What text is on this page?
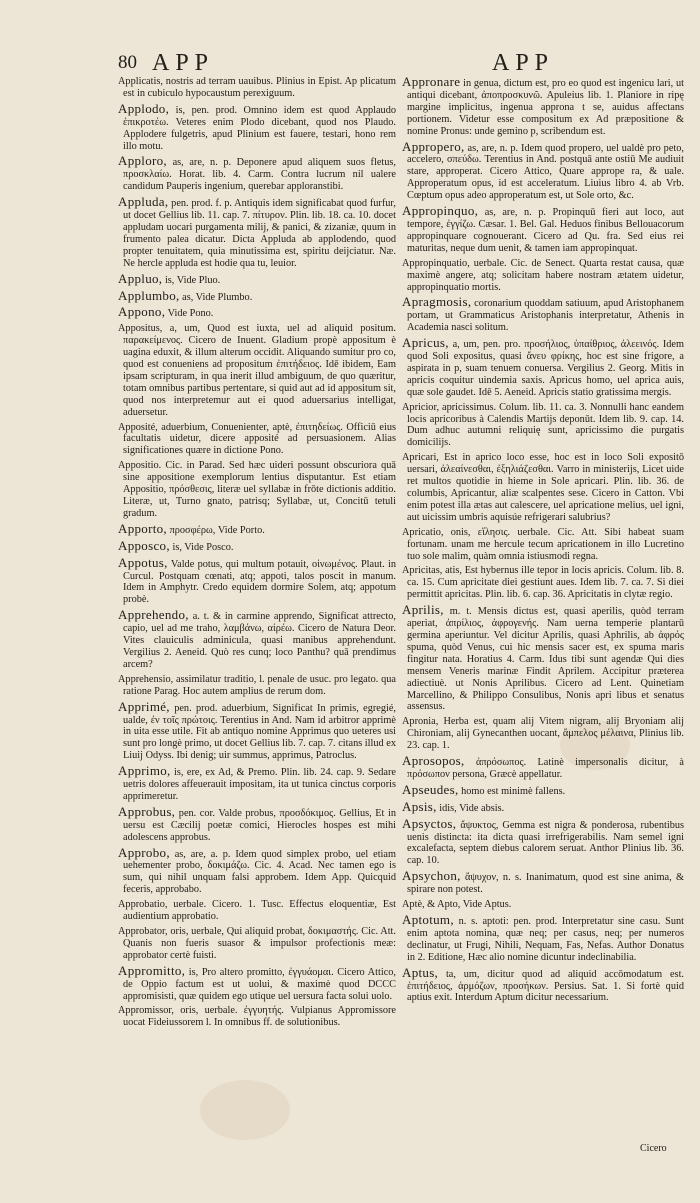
80 APP	APP
Applicatis, nostris ad terram uauibus. Plinius in Epist. Ap plicatum est in cubiculo hypocaustum perexiguum.
Applodo, is, pen. prod. Omnino idem est quod Applaudo ἐπικροτέω. Veteres enim Plodo dicebant, quod nos Plaudo. Applodere fulgetris, apud Plinium est fauere, testari, hono rem illo motu.
Apploro, as, are, n. p. Deponere apud aliquem suos fletus, προσκλαίω. Horat. lib. 4. Carm. Contra lucrum nil ualere candidum Pauperis ingenium, querebar apploranstibi.
Appluda, pen. prod. f. p. Antiquis idem significabat quod furfur, ut docet Gellius lib. 11. cap. 7. πίτυρον. Plin. lib. 18. ca. 10. docet appludam uocari purgamenta milij, & panici, & zizaniæ, quum in frumento palea dicatur. Dicta Appluda ab applodendo, quod propter tenuitatem, quia minutissima est, spiritu deijciatur. Næ. Ne hercle appluda est hodie qua tu, leuior.
Appluo, is, Vide Pluo.
Applumbo, as, Vide Plumbo.
Appono, Vide Pono.
Appositus, a, um, Quod est iuxta, uel ad aliquid positum. παρακείμενος. Cicero de Inuent. Gladium propè appositum è uagina eduxit, & illum alterum occidit. Aliquando sumitur pro co, quod est conueniens ad propositum ἐπιτήδειος. Idē ibidem, Eam ipsam scripturam, in qua inerit illud ambiguum, de quo quæritur, totam omnibus partibus pertentare, si quid aut ad id appositum sit, quod nos interpretemur aut ei quod aduersarius intelligat, aduersetur.
Apposité, aduerbium, Conuenienter, aptè, ἐπιτηδείως. Officiū eius facultatis uidetur, dicere apposité ad persuasionem. Alias significationes quære in dictione Pono.
Appositio. Cic. in Parad. Sed hæc uideri possunt obscuriora quā sine appositione exemplorum lentius disputantur. Est etiam Appositio, πρόσθεσις, literæ uel syllabæ in frōte dictionis additio. Literæ, ut, Turno gnato, patrisq; Syllabæ, ut, Concitū tetuli gradum.
Apporto, προσφέρω, Vide Porto.
Apposco, is, Vide Posco.
Appotus, Valde potus, qui multum potauit, οἰνωμένος. Plaut. in Curcul. Postquam cœnati, atq; appoti, talos poscit in manum. Idem in Amphytr. Credo equidem dormire Solem, atq; appotum probè.
Apprehendo, a. t. & in carmine apprendo, Significat attrecto, capio, uel ad me traho, λαμβάνω, αἱρέω. Cicero de Natura Deor. Vites clauiculis adminicula, quasi manibus apprehendunt. Vergilius 2. Aeneid. Quò res cunq; loco Panthu? quā prendimus arcem?
Apprehensio, assimilatur traditio, l. penale de usuc. pro legato. qua ratione Parag. Hoc autem amplius de rerum dom.
Apprimé, pen. prod. aduerbium, Significat In primis, egregié, ualde, ἐν τοῖς πρώτοις. Terentius in And. Nam id arbitror apprimè in uita esse utile. Fit ab antiquo nomine Apprimus quo ueteres usi sunt pro longè primo, ut docet Gellius lib. 7. cap. 7. citans illud ex Liuij Odyss. Ibi denig; uir summus, apprimus, Patroclus.
Apprimo, is, ere, ex Ad, & Premo. Plin. lib. 24. cap. 9. Sedare uetris dolores affeuerauit impositam, ita ut tunica cinctus corporis apprimeretur.
Approbus, pen. cor. Valde probus, προσδόκιμος. Gellius, Et in uersu est Cæcilij poetæ comici, Hierocles hospes est mihi adolescens approbus.
Approbo, as, are, a. p. Idem quod simplex probo, uel etiam uehementer probo, δοκιμάζω. Cic. 4. Acad. Nec tamen ego is sum, qui nihil unquam falsi approbem. Idem App. Quicquid feceris, approbabo.
Approbatio, uerbale. Cicero. 1. Tusc. Effectus eloquentiæ, Est audientium approbatio.
Approbator, oris, uerbale, Qui aliquid probat, δοκιμαστής. Cic. Att. Quanis non fueris suasor & impulsor profectionis meæ: approbator certè fuisti.
Appromitto, is, Pro altero promitto, ἐγγυάομαι. Cicero Attico, de Oppio factum est ut uolui, & maximè quod DCCC appromisisti, quæ quidem ego utique uel uersura facta solui uolo.
Appromissor, oris, uerbale. ἐγγυητής. Vulpianus Appromissore uocat Fideiussorem l. In omnibus ff. de solutionibus.
Appronare in genua, dictum est, pro eo quod est ingenicu lari, ut antiqui dicebant, ἀποπροσκυνῶ. Apuleius lib. 1. Planiore in ripę margine implicitus, ingenua approna t se, auidus affectans portionem. Videtur esse compositum ex Ad præpositione & nomine Pronus: unde gemino p, scribendum est.
Appropero, as, are, n. p. Idem quod propero, uel ualdè pro peto, accelero, σπεύδω. Terentius in And. postquā ante ostiū Me audiuit stare, approperat. Cicero Attico, Quare apprope ra, & uale. Approperatum opus, id est acceleratum. Liuius libro 4. ab Vrb. Cœptum opus adeo approperatum est, ut Sole orto, &c.
Appropinquo, as, are, n. p. Propinquū fieri aut loco, aut tempore, ἐγγίζω. Cæsar. 1. Bel. Gal. Heduos finibus Bellouacorum appropinquare cognouerant. Cicero ad Qu. fra. Sed eius rei maturitas, neque dum uenit, & tamen iam appropinquat.
Appropinquatio, uerbale. Cic. de Senect. Quarta restat causa, quæ maximè angere, atq; solicitam habere nostram ætatem uidetur, appropinquatio mortis.
Apragmosis, coronarium quoddam satiuum, apud Aristophanem portam, ut Grammaticus Aristophanis interpretatur, Athenis in Academia nasci solitum.
Apricus, a, um, pen. pro. προσήλιος, ὑπαίθριος, ἀλεεινός. Idem quod Soli expositus, quasi ἄνευ φρίκης, hoc est sine frigore, a aspirata in p, suam tenuem conuersa. Vergilius 2. Georg. Mitis in apricis coquitur uindemia saxis. Apricus homo, uel aprica auis, quæ sole gaudet. Idē 5. Aeneid. Apricis statio gratissima mergis.
Apricior, apricissimus. Colum. lib. 11. ca. 3. Nonnulli hanc eandem locis apricoribus à Calendis Martijs deponūt. Idem lib. 9. cap. 14. Dum adhuc autumni reliquię sunt, apricissimo die purgatis domicilijs.
Apricari, Est in aprico loco esse, hoc est in loco Soli expositō uersari, ἀλεαίνεσθαι, ἐξηλιάζεσθαι. Varro in ministerijs, Licet uide ret multos quotidie in hieme in Sole apricari. Plin. lib. 36. de columbis, Apricantur, aliæ scalpentes sese. Cicero in Catton. Vbi enim potest illa ætas aut calescere, uel apricatione melius, uel igni, aut uicissim umbris aquisúe refrigerari salubrius?
Apricatio, onis, εἵλησις. uerbale. Cic. Att. Sibi habeat suam fortunam. unam me hercule tecum apricationem in illo Lucretino tuo sole malim, quàm omnia istiusmodi regna.
Apricitas, atis, Est hybernus ille tepor in locis apricis. Colum. lib. 8. ca. 15. Cum apricitate diei gestiunt aues. Idem lib. 7. ca. 7. Si diei permittit apricitas. Plin. lib. 6. cap. 36. Apricitatis in clytæ regio.
Aprilis, m. t. Mensis dictus est, quasi aperilis, quòd terram aperiat, ἀπρίλιος, ἀφρογενής. Nam uerna temperie plantarū germina aperiuntur. Vel dicitur Aprilis, quasi Aphrilis, ab ἀφρός spuma, quòd Venus, cui hic mensis sacer est, ex spuma maris fingitur nata. Horatius 4. Carm. Idus tibi sunt agendæ Qui dies mensem Veneris marinæ Findit Aprilem. Accipitur præterea adiectiuè. ut Nonis Aprilibus. Cicero ad Lent. Quinetiam Marcellino, & Philippo Consulibus, Nonis apri libus et senatus assensus.
Apronia, Herba est, quam alij Vitem nigram, alij Bryoniam alij Chironiam, alij Gynecanthen uocant, ἄμπελος μέλαινα, Plinius lib. 23. cap. 1.
Aprosopos, ἀπρόσωπος. Latinè impersonalis dicitur, à πρόσωπον persona, Græcè appellatur.
Apseudes, homo est minimè fallens.
Apsis, idis, Vide absis.
Apsyctos, ἄψυκτος, Gemma est nigra & ponderosa, rubentibus uenis distincta: ita dicta quasi irrefrigerabilis. Nam semel igni excalefacta, septem diebus calorem seruat. Anthor Plinius lib. 36. cap. 10.
Apsychon, ἄψυχον, n. s. Inanimatum, quod est sine anima, & spirare non potest.
Aptè, & Apto, Vide Aptus.
Aptotum, n. s. aptoti: pen. prod. Interpretatur sine casu. Sunt enim aptota nomina, quæ neq; per casus, neq; per numeros declinatur, ut Frugi, Nihili, Nequam, Fas, Nefas. Author Donatus in 2. Editione, Hæc alio nomine dicuntur indeclinabilia.
Aptus, ta, um, dicitur quod ad aliquid accōmodatum est. ἐπιτήδειος, ἁρμόζων, προσήκων. Persius. Sat. 1. Si fortè quid aptius exit. Interdum Aptum dicitur necessarium.
Cicero
